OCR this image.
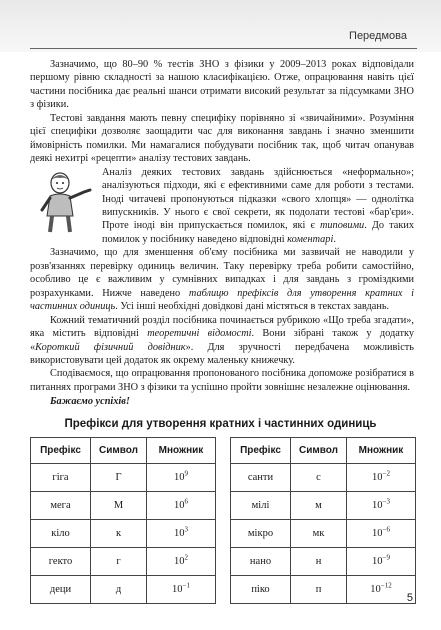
Передмова

Зазначимо, що 80–90 % тестів ЗНО з фізики у 2009–2013 роках відповідали першому рівню складності за нашою класифікацією. Отже, опрацювання навіть цієї частини посібника дає реальні шанси отримати високий результат за підсумками ЗНО з фізики.

Тестові завдання мають певну специфіку порівняно зі «звичайними». Розуміння цієї специфіки дозволяє заощадити час для виконання завдань і значно зменшити ймовірність помилки. Ми намагалися побудувати посібник так, щоб читач опанував деякі нехитрі «рецепти» аналізу тестових завдань.

Аналіз деяких тестових завдань здійснюється «неформально»; аналізуються підходи, які є ефективними саме для роботи з тестами. Іноді читачеві пропонуються підказки «свого хлопця» — однолітка випускників. У нього є свої секрети, як подолати тестові «бар'єри». Проте іноді він припускається помилок, які є типовими. До таких помилок у посібнику наведено відповідні коментарі.

Зазначимо, що для зменшення об'єму посібника ми зазвичай не наводили у розв'язаннях перевірку одиниць величин. Таку перевірку треба робити самостійно, особливо це є важливим у сумнівних випадках і для завдань з громіздкими розрахунками. Нижче наведено таблицю префіксів для утворення кратних і частинних одиниць. Усі інші необхідні довідкові дані містяться в текстах завдань.

Кожний тематичний розділ посібника починається рубрикою «Що треба згадати», яка містить відповідні теоретичні відомості. Вони зібрані також у додатку «Короткий фізичний довідник». Для зручності передбачена можливість використовувати цей додаток як окрему маленьку книжечку.

Сподіваємося, що опрацювання пропонованого посібника допоможе розібратися в питаннях програми ЗНО з фізики та успішно пройти зовнішнє незалежне оцінювання.

Бажаємо успіхів!

Префікси для утворення кратних і частинних одиниць
Префікс	Символ	Множник
гіга	Г	$10^9$
мега	М	$10^6$
кіло	к	$10^3$
гекто	г	$10^2$
деци	д	$10^{-1}$
Префікс	Символ	Множник
санти	с	$10^{-2}$
мілі	м	$10^{-3}$
мікро	мк	$10^{-6}$
нано	н	$10^{-9}$
піко	п	$10^{-12}$
5
